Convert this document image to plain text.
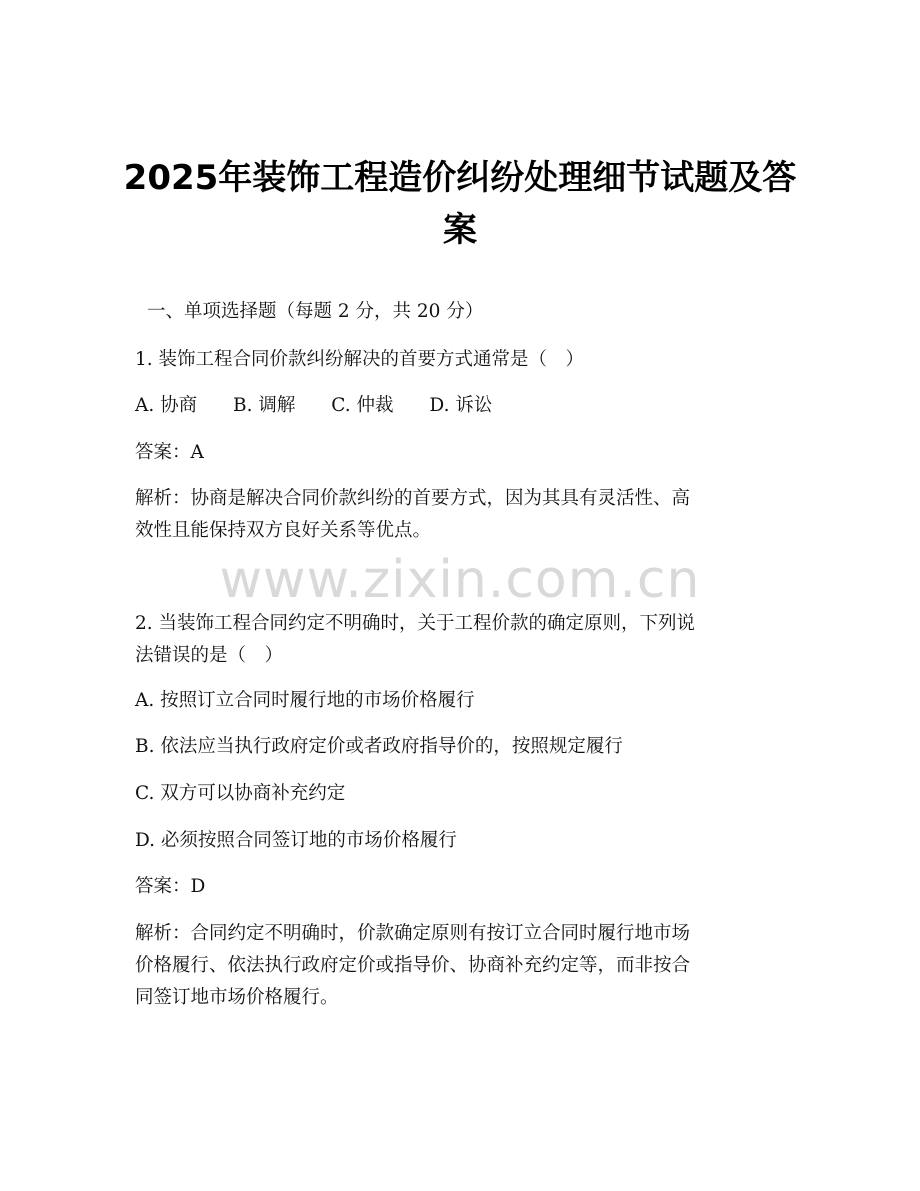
2025年装饰工程造价纠纷处理细节试题及答
案
一、单项选择题（每题 2 分，共 20 分）
1. 装饰工程合同价款纠纷解决的首要方式通常是（　）
A. 协商 B. 调解 C. 仲裁 D. 诉讼
答案：A
解析：协商是解决合同价款纠纷的首要方式，因为其具有灵活性、高
效性且能保持双方良好关系等优点。
www.zixin.com.cn
2. 当装饰工程合同约定不明确时，关于工程价款的确定原则，下列说
法错误的是（　）
A. 按照订立合同时履行地的市场价格履行
B. 依法应当执行政府定价或者政府指导价的，按照规定履行
C. 双方可以协商补充约定
D. 必须按照合同签订地的市场价格履行
答案：D
解析：合同约定不明确时，价款确定原则有按订立合同时履行地市场
价格履行、依法执行政府定价或指导价、协商补充约定等，而非按合
同签订地市场价格履行。
